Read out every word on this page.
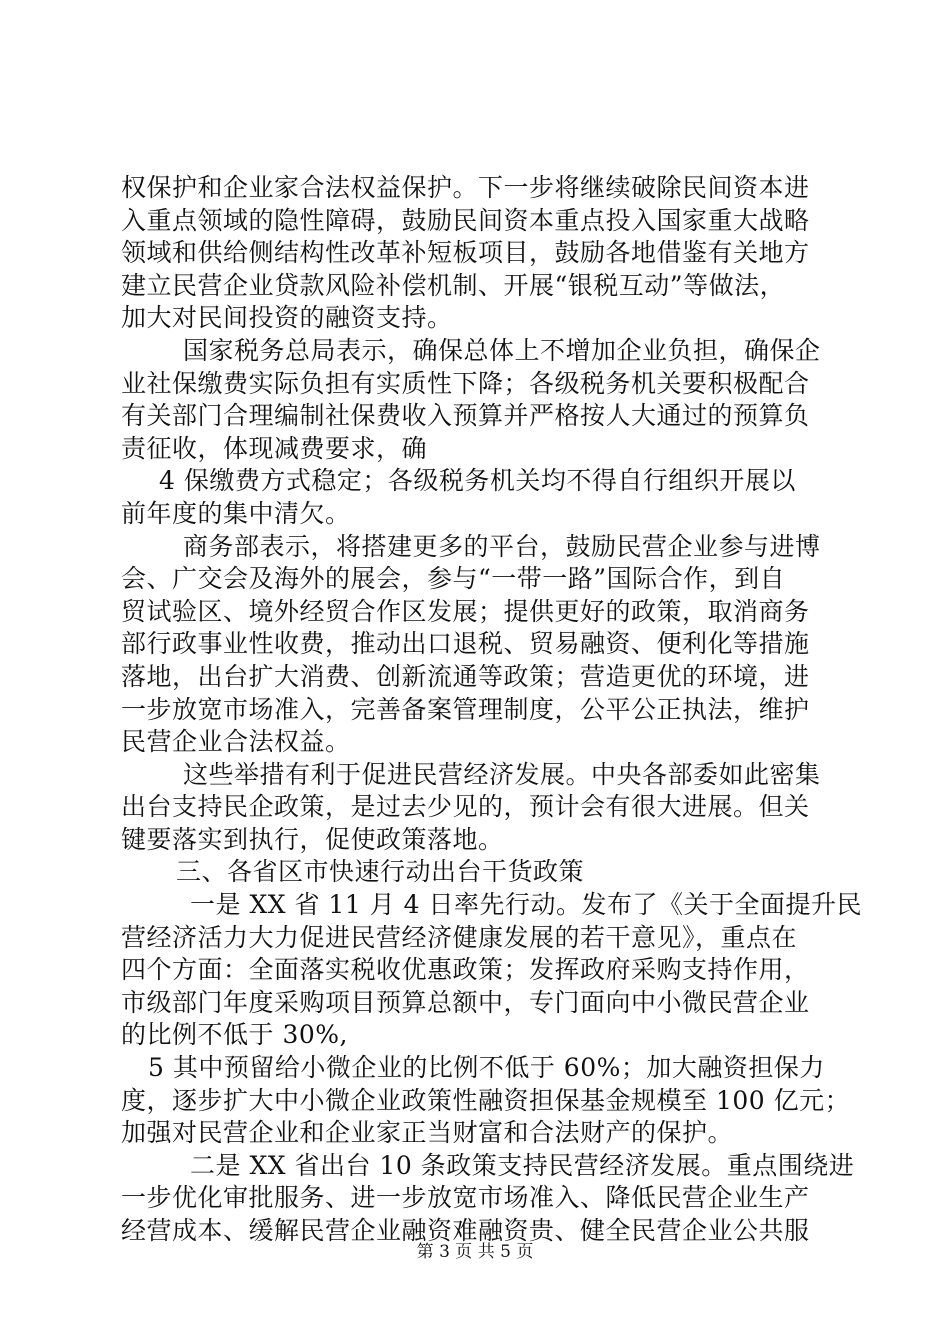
权保护和企业家合法权益保护。下一步将继续破除民间资本进
入重点领域的隐性障碍，鼓励民间资本重点投入国家重大战略
领域和供给侧结构性改革补短板项目，鼓励各地借鉴有关地方
建立民营企业贷款风险补偿机制、开展“银税互动”等做法，
加大对民间投资的融资支持。
国家税务总局表示，确保总体上不增加企业负担，确保企
业社保缴费实际负担有实质性下降；各级税务机关要积极配合
有关部门合理编制社保费收入预算并严格按人大通过的预算负
责征收，体现减费要求，确
4 保缴费方式稳定；各级税务机关均不得自行组织开展以
前年度的集中清欠。
商务部表示，将搭建更多的平台，鼓励民营企业参与进博
会、广交会及海外的展会，参与“一带一路”国际合作，到自
贸试验区、境外经贸合作区发展；提供更好的政策，取消商务
部行政事业性收费，推动出口退税、贸易融资、便利化等措施
落地，出台扩大消费、创新流通等政策；营造更优的环境，进
一步放宽市场准入，完善备案管理制度，公平公正执法，维护
民营企业合法权益。
这些举措有利于促进民营经济发展。中央各部委如此密集
出台支持民企政策，是过去少见的，预计会有很大进展。但关
键要落实到执行，促使政策落地。
三、各省区市快速行动出台干货政策
一是 XX 省 11 月 4 日率先行动。发布了《关于全面提升民
营经济活力大力促进民营经济健康发展的若干意见》，重点在
四个方面：全面落实税收优惠政策；发挥政府采购支持作用，
市级部门年度采购项目预算总额中，专门面向中小微民营企业
的比例不低于 30%,
5 其中预留给小微企业的比例不低于 60%；加大融资担保力
度，逐步扩大中小微企业政策性融资担保基金规模至 100 亿元；
加强对民营企业和企业家正当财富和合法财产的保护。
二是 XX 省出台 10 条政策支持民营经济发展。重点围绕进
一步优化审批服务、进一步放宽市场准入、降低民营企业生产
经营成本、缓解民营企业融资难融资贵、健全民营企业公共服
第 3 页 共 5 页
